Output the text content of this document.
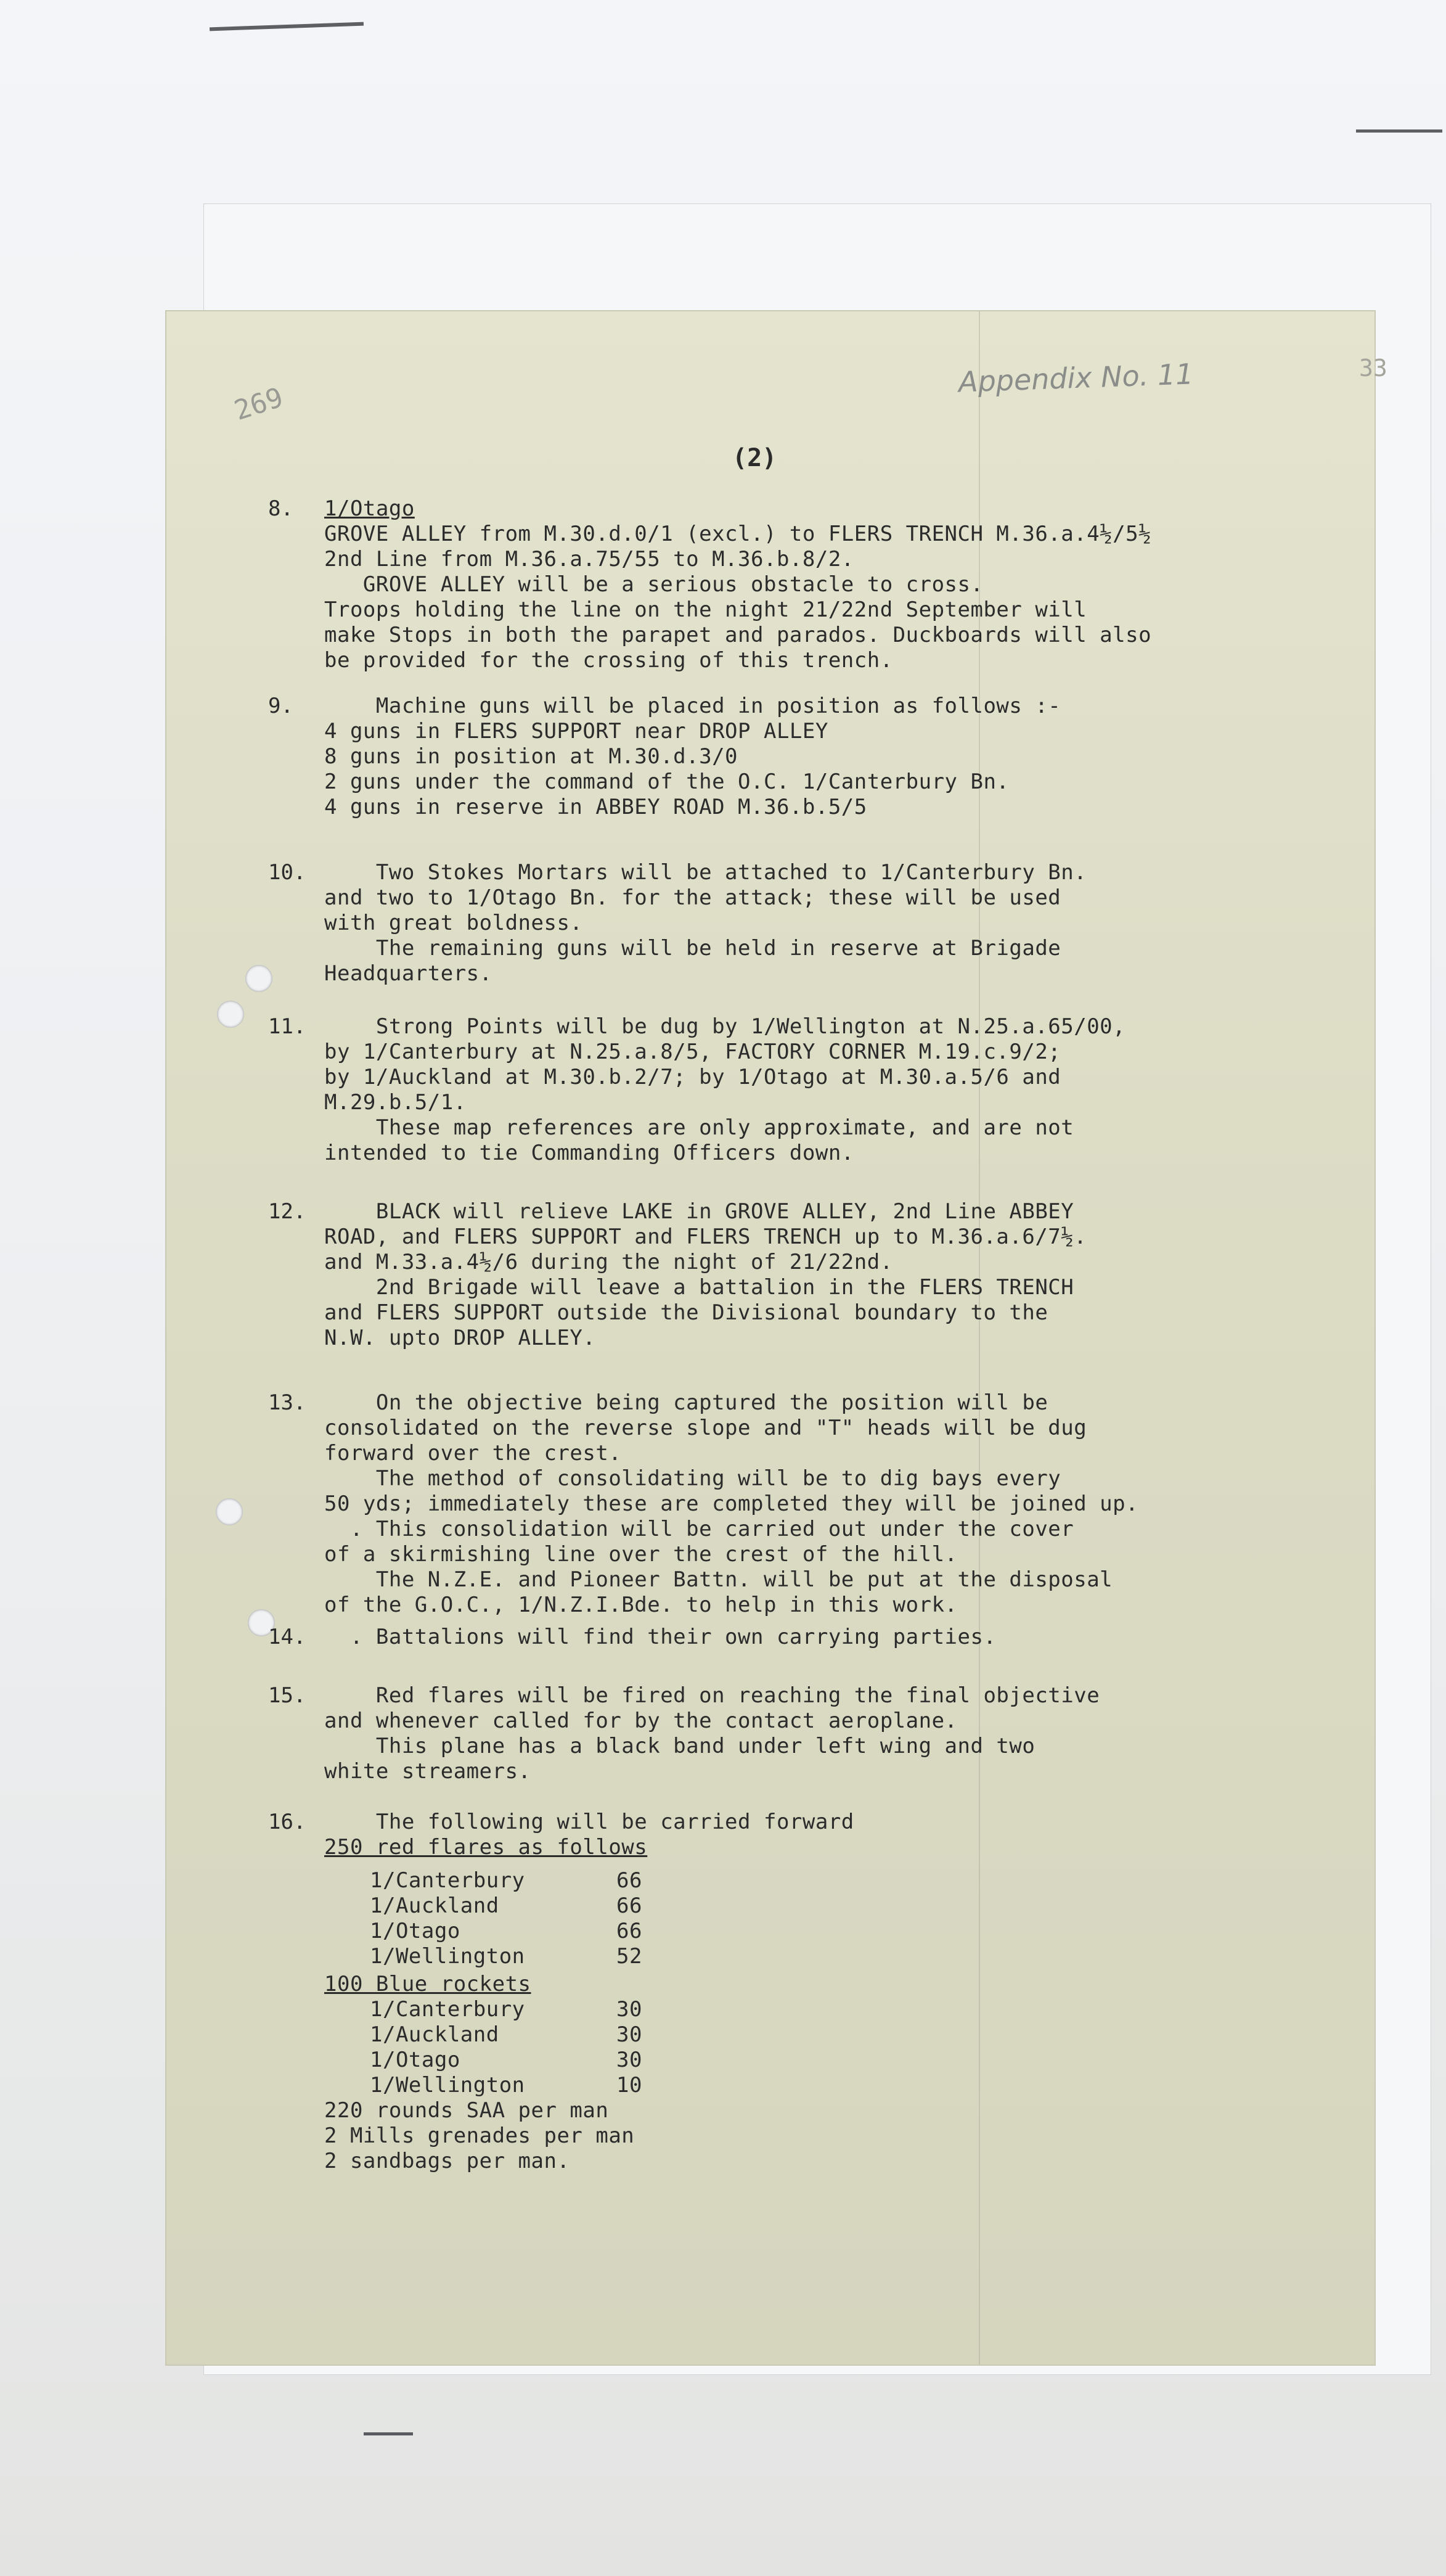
269
Appendix No. 11	33
(2)
8.	1/Otago
GROVE ALLEY from M.30.d.0/1 (excl.) to FLERS TRENCH M.36.a.4½/5½
2nd Line from M.36.a.75/55 to M.36.b.8/2.
GROVE ALLEY will be a serious obstacle to cross.
Troops holding the line on the night 21/22nd September will
make Stops in both the parapet and parados. Duckboards will also
be provided for the crossing of this trench.
9.	Machine guns will be placed in position as follows :-
4 guns in FLERS SUPPORT near DROP ALLEY
8 guns in position at M.30.d.3/0
2 guns under the command of the O.C. 1/Canterbury Bn.
4 guns in reserve in ABBEY ROAD M.36.b.5/5
10. Two Stokes Mortars will be attached to 1/Canterbury Bn.
and two to 1/Otago Bn. for the attack; these will be used
with great boldness.
The remaining guns will be held in reserve at Brigade
Headquarters.
11. Strong Points will be dug by 1/Wellington at N.25.a.65/00,
by 1/Canterbury at N.25.a.8/5, FACTORY CORNER M.19.c.9/2;
by 1/Auckland at M.30.b.2/7; by 1/Otago at M.30.a.5/6 and
M.29.b.5/1.
These map references are only approximate, and are not
intended to tie Commanding Officers down.
12. BLACK will relieve LAKE in GROVE ALLEY, 2nd Line ABBEY
ROAD, and FLERS SUPPORT and FLERS TRENCH up to M.36.a.6/7½.
and M.33.a.4½/6 during the night of 21/22nd.
2nd Brigade will leave a battalion in the FLERS TRENCH
and FLERS SUPPORT outside the Divisional boundary to the
N.W. upto DROP ALLEY.
13. On the objective being captured the position will be
consolidated on the reverse slope and "T" heads will be dug
forward over the crest.
The method of consolidating will be to dig bays every
50 yds; immediately these are completed they will be joined up.
. This consolidation will be carried out under the cover
of a skirmishing line over the crest of the hill.
The N.Z.E. and Pioneer Battn. will be put at the disposal
of the G.O.C., 1/N.Z.I.Bde. to help in this work.
14. . Battalions will find their own carrying parties.
15. Red flares will be fired on reaching the final objective
and whenever called for by the contact aeroplane.
This plane has a black band under left wing and two
white streamers.
16. The following will be carried forward
250 red flares as follows
1/Canterbury	66
1/Auckland	66
1/Otago	66
1/Wellington	52
100 Blue rockets
1/Canterbury	30
1/Auckland	30
1/Otago	30
1/Wellington	10
220 rounds SAA per man
2 Mills grenades per man
2 sandbags per man.
